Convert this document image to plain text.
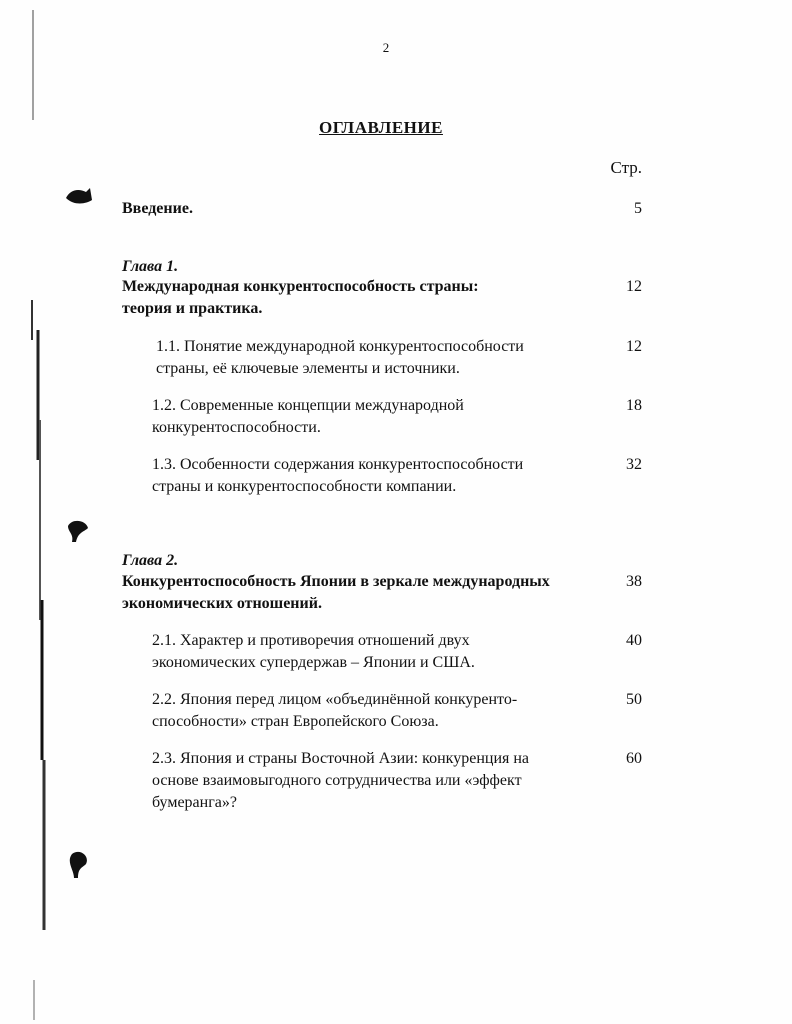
2
ОГЛАВЛЕНИЕ
Стр.
Введение.	5
Глава 1.
Международная конкурентоспособность страны:
теория и практика.
12
1.1. Понятие международной конкурентоспособности
страны, её ключевые элементы и источники.
12
1.2. Современные концепции международной
конкурентоспособности.
18
1.3. Особенности содержания конкурентоспособности
страны и конкурентоспособности компании.
32
Глава 2.
Конкурентоспособность Японии в зеркале международных
экономических отношений.
38
2.1. Характер и противоречия отношений двух
экономических супердержав – Японии и США.
40
2.2. Япония перед лицом «объединённой конкуренто-
способности» стран Европейского Союза.
50
2.3. Япония и страны Восточной Азии: конкуренция на
основе взаимовыгодного сотрудничества или «эффект
бумеранга»?
60
